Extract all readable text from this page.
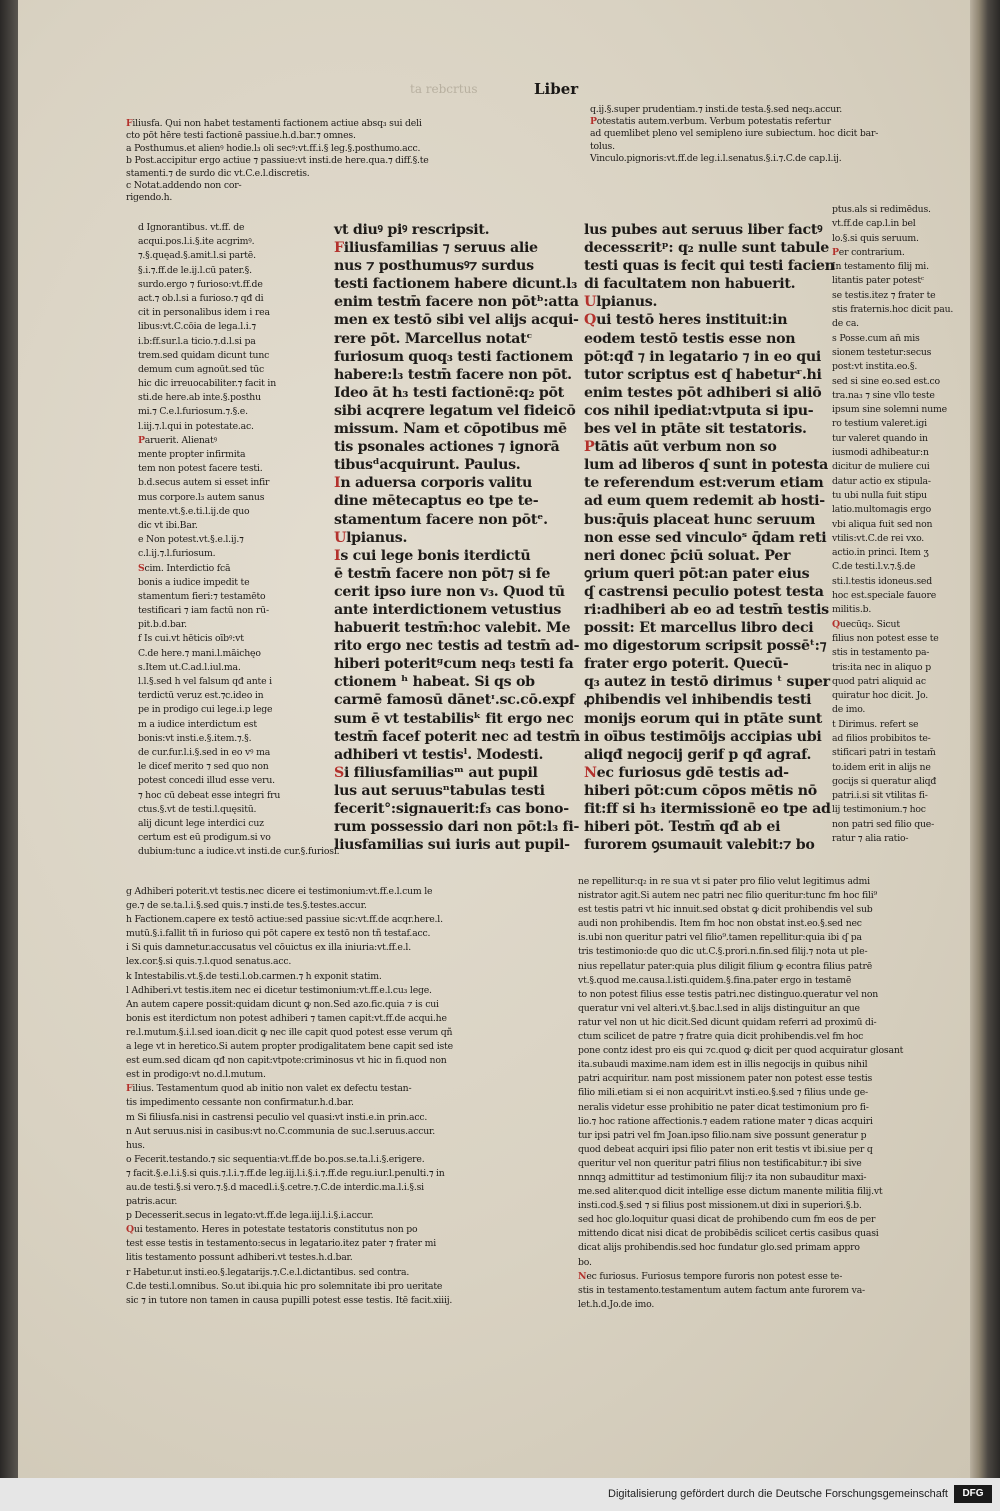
ta rebcrtus	Liber
q.ij.§.super prudentiam.⁊ insti.de testa.§.sed neq₃.accur.
Potestatis autem.verbum. Verbum potestatis refertur
ad quemlibet pleno vel semipleno iure subiectum. hoc dicit bar-
tolus.
Vinculo.pignoris:vt.ff.de leg.i.l.senatus.§.i.⁊.C.de cap.l.ij.
Filiusfa. Qui non habet testamenti factionem actiue absq₃ sui deli
cto pōt hēre testi factionē passiue.h.d.bar.⁊ omnes.
a Posthumus.et alienꝰ hodie.l₃ oli secꝰ:vt.ff.i.§ leg.§.posthumo.acc.
b Post.accipitur ergo actiue ⁊ passiue:vt insti.de here.qua.⁊ diff.§.te
stamenti.⁊ de surdo dic vt.C.e.l.discretis.
c Notat.addendo non cor-
rigendo.h.
d Ignorantibus. vt.ff. de
acqui.pos.l.i.§.ite acgrimꝰ.
⁊.§.quęad.§.amit.l.si partē.
§.i.⁊.ff.de le.ij.l.cū pater.§.
surdo.ergo ⁊ furioso:vt.ff.de
act.⁊ ob.l.si a furioso.⁊ qđ di
cit in personalibus idem i rea
libus:vt.C.cōia de lega.l.i.⁊
i.b:ff.sur.l.a ticio.⁊.d.l.si pa
trem.sed quidam dicunt tunc
demum cum agnoūt.sed tūc
hic dic irreuocabiliter.⁊ facit in
sti.de here.ab inte.§.posthu
mi.⁊ C.e.l.furiosum.⁊.§.e.
l.iij.⁊.l.qui in potestate.ac.
Paruerit. Alienatꝰ
mente propter infirmita
tem non potest facere testi.
b.d.secus autem si esset infir
mus corpore.l₃ autem sanus
mente.vt.§.e.ti.l.ij.de quo
dic vt ibi.Bar.
e Non potest.vt.§.e.l.ij.⁊
c.l.ij.⁊.l.furiosum.
Scim. Interdictio fcā
bonis a iudice impedit te
stamentum fieri:⁊ testamēto
testificari ⁊ iam factū non rū-
pit.b.d.bar.
f Is cui.vt hēticis oībꝰ:vt
C.de here.⁊ mani.l.māichęo
s.Item ut.C.ad.l.iul.ma.
l.l.§.sed h vel falsum qđ ante i
terdictū veruz est.⁊c.ideo in
pe in prodigo cui lege.i.p lege
m a iudice interdictum est
bonis:vt insti.e.§.item.⁊.§.
de cur.fur.l.i.§.sed in eo vꝰ ma
le dicef merito ⁊ sed quo non
potest concedi illud esse veru.
⁊ hoc cū debeat esse integri fru
ctus.§.vt de testi.l.quęsitū.
alij dicunt lege interdici cuz
certum est eū prodigum.si vo
dubium:tunc a iudice.vt insti.de cur.§.furiosi.
vt diuꝰ piꝰ rescripsit.
Filiusfamilias ⁊ seruus alie
nus ⁊ posthumusꝰ⁊ surdus
testi factionem habere dicunt.l₃
enim testm̄ facere non pōtᵇ:atta
men ex testō sibi vel alijs acqui-
rere pōt. Marcellus notatᶜ
furiosum quoq₃ testi factionem
habere:l₃ testm̄ facere non pōt.
Ideo āt h₃ testi factionē:q₂ pōt
sibi acqrere legatum vel fideicō
missum. Nam et cōpotibus mē
tis psonales actiones ⁊ ignorā
tibusᵈacquirunt. Paulus.
In aduersa corporis valitu
dine mētecaptus eo tpe te-
stamentum facere non pōtᵉ.
Ulpianus.
Is cui lege bonis iterdictū
ē testm̄ facere non pōt⁊ si fe
cerit ipso iure non v₃. Quod tū
ante interdictionem vetustius
habuerit testm̄:hoc valebit. Me
rito ergo nec testis ad testm̄ ad-
hiberi poteritᵍcum neq₃ testi fa
ctionem ʰ habeat. Si qs ob
carmē famosū dānetᶦ.sc.cō.expf
sum ē vt testabilisᵏ fit ergo nec
testm̄ facef poterit nec ad testm̄
adhiberi vt testisˡ. Modesti.
Si filiusfamiliasᵐ aut pupil
lus aut seruusⁿtabulas testi
fecerit°:signauerit:f₃ cas bono-
rum possessio dari non pōt:l₃ fi-
liusfamilias sui iuris aut pupil-
lus pubes aut seruus liber factꝰ
decessεritᵖ: q₂ nulle sunt tabule
testi quas is fecit qui testi facien
di facultatem non habuerit.
Ulpianus.
Qui testō heres instituit:in
eodem testō testis esse non
pōt:qđ ⁊ in legatario ⁊ in eo qui
tutor scriptus est ʠ habeturʳ.hi
enim testes pōt adhiberi si aliō
cos nihil ipediat:vtputa si ipu-
bes vel in ptāte sit testatoris.
Ptātis aūt verbum non so
lum ad liberos ʠ sunt in potesta
te referendum est:verum etiam
ad eum quem redemit ab hosti-
bus:q̄uis placeat hunc seruum
non esse sed vinculoˢ q̄dam reti
neri donec p̄ciū soluat. Per
ꝯrium queri pōt:an pater eius
ʠ castrensi peculio potest testa
ri:adhiberi ab eo ad testm̄ testis
possit: Et marcellus libro deci
mo digestorum scripsit possēᵗ:⁊
frater ergo poterit. Quecū-
q₃ autez in testō dirimus ᵗ super
ꝓhibendis vel inhibendis testi
monijs eorum qui in ptāte sunt
in oībus testimōijs accipias ubi
aliqđ negocij gerif p qđ agraf.
Nec furiosus gdē testis ad-
hiberi pōt:cum cōpos mētis nō
fit:ff si h₃ itermissionē eo tpe ad
hiberi pōt. Testm̄ qđ ab ei
furorem ꝯsumauit valebit:⁊ bo
ptus.als si redimēdus.
vt.ff.de cap.l.in bel
lo.§.si quis seruum.
Per contrarium.
In testamento filij mi.
litantis pater potestᶜ
se testis.itez ⁊ frater te
stis fraternis.hoc dicit pau.
de ca.
s Posse.cum an̄ mis
sionem testetur:secus
post:vt instita.eo.§.
sed si sine eo.sed est.co
tra.na₃ ⁊ sine vllo teste
ipsum sine solemni nume
ro testium valeret.igi
tur valeret quando in
iusmodi adhibeatur:n
dicitur de muliere cui
datur actio ex stipula-
tu ubi nulla fuit stipu
latio.multomagis ergo
vbi aliqua fuit sed non
vtilis:vt.C.de rei vxo.
actio.in princi. Item ʒ
C.de testi.l.v.⁊.§.de
sti.l.testis idoneus.sed
hoc est.speciale fauore
militis.b.
Quecūq₃. Sicut
filius non potest esse te
stis in testamento pa-
tris:ita nec in aliquo p
quod patri aliquid ac
quiratur hoc dicit. Jo.
de imo.
t Dirimus. refert se
ad filios probibitos te-
stificari patri in testam̄
to.idem erit in alijs ne
gocijs si queratur aliqđ
patri.i.si sit vtilitas fi-
lij testimonium.⁊ hoc
non patri sed filio que-
ratur ⁊ alia ratio-
g Adhiberi poterit.vt testis.nec dicere ei testimonium:vt.ff.e.l.cum le
ge.⁊ de se.ta.l.i.§.sed quis.⁊ insti.de tes.§.testes.accur.
h Factionem.capere ex testō actiue:sed passiue sic:vt.ff.de acqr.here.l.
mutū.§.i.fallit tñ in furioso qui pōt capere ex testō non tñ testaf.acc.
i Si quis damnetur.accusatus vel cōuictus ex illa iniuria:vt.ff.e.l.
lex.cor.§.si quis.⁊.l.quod senatus.acc.
k Intestabilis.vt.§.de testi.l.ob.carmen.⁊ h exponit statim.
l Adhiberi.vt testis.item nec ei dicetur testimonium:vt.ff.e.l.cu₃ lege.
An autem capere possit:quidam dicunt ꝙ non.Sed azo.fic.quia ⁊ is cui
bonis est iterdictum non potest adhiberi ⁊ tamen capit:vt.ff.de acqui.he
re.l.mutum.§.i.l.sed ioan.dicit ꝙ nec ille capit quod potest esse verum qñ
a lege vt in heretico.Si autem propter prodigalitatem bene capit sed iste
est eum.sed dicam qđ non capit:vtpote:criminosus vt hic in fi.quod non
est in prodigo:vt no.d.l.mutum.
Filius. Testamentum quod ab initio non valet ex defectu testan-
tis impedimento cessante non confirmatur.h.d.bar.
m Si filiusfa.nisi in castrensi peculio vel quasi:vt insti.e.in prin.acc.
n Aut seruus.nisi in casibus:vt no.C.communia de suc.l.seruus.accur.
hus.
o Fecerit.testando.⁊ sic sequentia:vt.ff.de bo.pos.se.ta.l.i.§.erigere.
⁊ facit.§.e.l.i.§.si quis.⁊.l.i.⁊.ff.de leg.iij.l.i.§.i.⁊.ff.de regu.iur.l.penulti.⁊ in
au.de testi.§.si vero.⁊.§.d macedl.i.§.cetre.⁊.C.de interdic.ma.l.i.§.si
patris.acur.
p Decesserit.secus in legato:vt.ff.de lega.iij.l.i.§.i.accur.
Qui testamento. Heres in potestate testatoris constitutus non po
test esse testis in testamento:secus in legatario.itez pater ⁊ frater mi
litis testamento possunt adhiberi.vt testes.h.d.bar.
r Habetur.ut insti.eo.§.legatarijs.⁊.C.e.l.dictantibus. sed contra.
C.de testi.l.omnibus. So.ut ibi.quia hic pro solemnitate ibi pro ueritate
sic ⁊ in tutore non tamen in causa pupilli potest esse testis. Itē facit.xiiij.
ne repellitur:q₂ in re sua vt si pater pro filio velut legitimus admi
nistrator agit.Si autem nec patri nec filio queritur:tunc fm hoc fili⁹
est testis patri vt hic innuit.sed obstat ꝙ dicit prohibendis vel sub
audi non prohibendis. Item fm hoc non obstat inst.eo.§.sed nec
is.ubi non queritur patri vel filio⁹.tamen repellitur:quia ibi ʠ pa
tris testimonio:de quo dic ut.C.§.prori.n.fin.sed filij.⁊ nota ut ple-
nius repellatur pater:quia plus diligit filium ꝙ econtra filius patrē
vt.§.quod me.causa.l.isti.quidem.§.fina.pater ergo in testamē
to non potest filius esse testis patri.nec distinguo.queratur vel non
queratur vni vel alteri.vt.§.bac.l.sed in alijs distinguitur an que
ratur vel non ut hic dicit.Sed dicunt quidam referri ad proximū di-
ctum scilicet de patre ⁊ fratre quia dicit prohibendis.vel fm hoc
pone contz idest pro eis qui ⁊c.quod ꝙ dicit per quod acquiratur glosant
ita.subaudi maxime.nam idem est in illis negocijs in quibus nihil
patri acquiritur. nam post missionem pater non potest esse testis
filio mili.etiam si ei non acquirit.vt insti.eo.§.sed ⁊ filius unde ge-
neralis videtur esse prohibitio ne pater dicat testimonium pro fi-
lio.⁊ hoc ratione affectionis.⁊ eadem ratione mater ⁊ dicas acquiri
tur ipsi patri vel fm Joan.ipso filio.nam sive possunt generatur p
quod debeat acquiri ipsi filio pater non erit testis vt ibi.siue per q
queritur vel non queritur patri filius non testificabitur.⁊ ibi sive
nnnqꝫ admittitur ad testimonium filij:⁊ ita non subauditur maxi-
me.sed aliter.quod dicit intellige esse dictum manente militia filij.vt
insti.cod.§.sed ⁊ si filius post missionem.ut dixi in superiori.§.b.
sed hoc glo.loquitur quasi dicat de prohibendo cum fm eos de per
mittendo dicat nisi dicat de probibēdis scilicet certis casibus quasi
dicat alijs prohibendis.sed hoc fundatur glo.sed primam appro
bo.
Nec furiosus. Furiosus tempore furoris non potest esse te-
stis in testamento.testamentum autem factum ante furorem va-
let.h.d.Jo.de imo.
Digitalisierung gefördert durch die Deutsche Forschungsgemeinschaft	DFG
